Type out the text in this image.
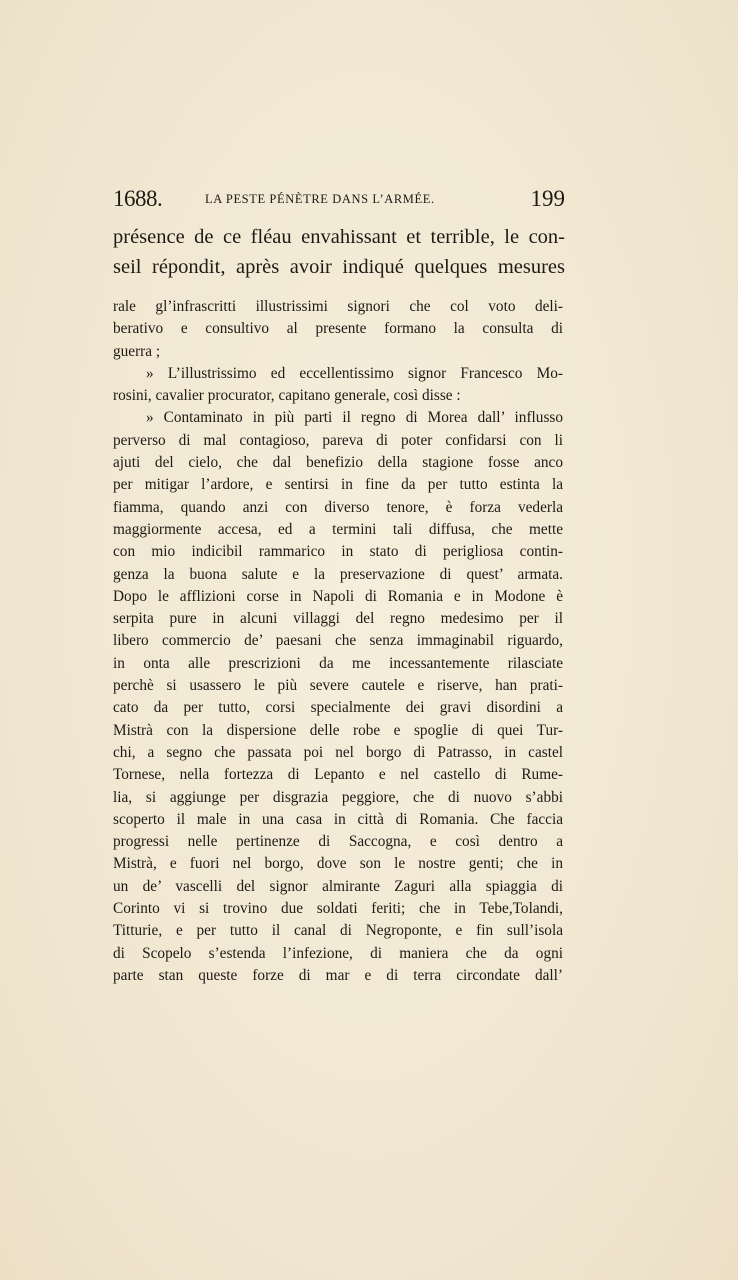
1688.	LA PESTE PÉNÈTRE DANS L’ARMÉE.	199

présence de ce fléau envahissant et terrible, le con-

seil répondit, après avoir indiqué quelques mesures

rale gl’infrascritti illustrissimi signori che col voto deli-

berativo e consultivo al presente formano la consulta di

guerra ;

» L’illustrissimo ed eccellentissimo signor Francesco Mo-

rosini, cavalier procurator, capitano generale, così disse :

» Contaminato in più parti il regno di Morea dall’ influsso

perverso di mal contagioso, pareva di poter confidarsi con li

ajuti del cielo, che dal benefizio della stagione fosse anco

per mitigar l’ardore, e sentirsi in fine da per tutto estinta la

fiamma, quando anzi con diverso tenore, è forza vederla

maggiormente accesa, ed a termini tali diffusa, che mette

con mio indicibil rammarico in stato di perigliosa contin-

genza la buona salute e la preservazione di quest’ armata.

Dopo le afflizioni corse in Napoli di Romania e in Modone è

serpita pure in alcuni villaggi del regno medesimo per il

libero commercio de’ paesani che senza immaginabil riguardo,

in onta alle prescrizioni da me incessantemente rilasciate

perchè si usassero le più severe cautele e riserve, han prati-

cato da per tutto, corsi specialmente dei gravi disordini a

Mistrà con la dispersione delle robe e spoglie di quei Tur-

chi, a segno che passata poi nel borgo di Patrasso, in castel

Tornese, nella fortezza di Lepanto e nel castello di Rume-

lia, si aggiunge per disgrazia peggiore, che di nuovo s’abbi

scoperto il male in una casa in città di Romania. Che faccia

progressi nelle pertinenze di Saccogna, e così dentro a

Mistrà, e fuori nel borgo, dove son le nostre genti; che in

un de’ vascelli del signor almirante Zaguri alla spiaggia di

Corinto vi si trovino due soldati feriti; che in Tebe,Tolandi,

Titturie, e per tutto il canal di Negroponte, e fin sull’isola

di Scopelo s’estenda l’infezione, di maniera che da ogni

parte stan queste forze di mar e di terra circondate dall’
